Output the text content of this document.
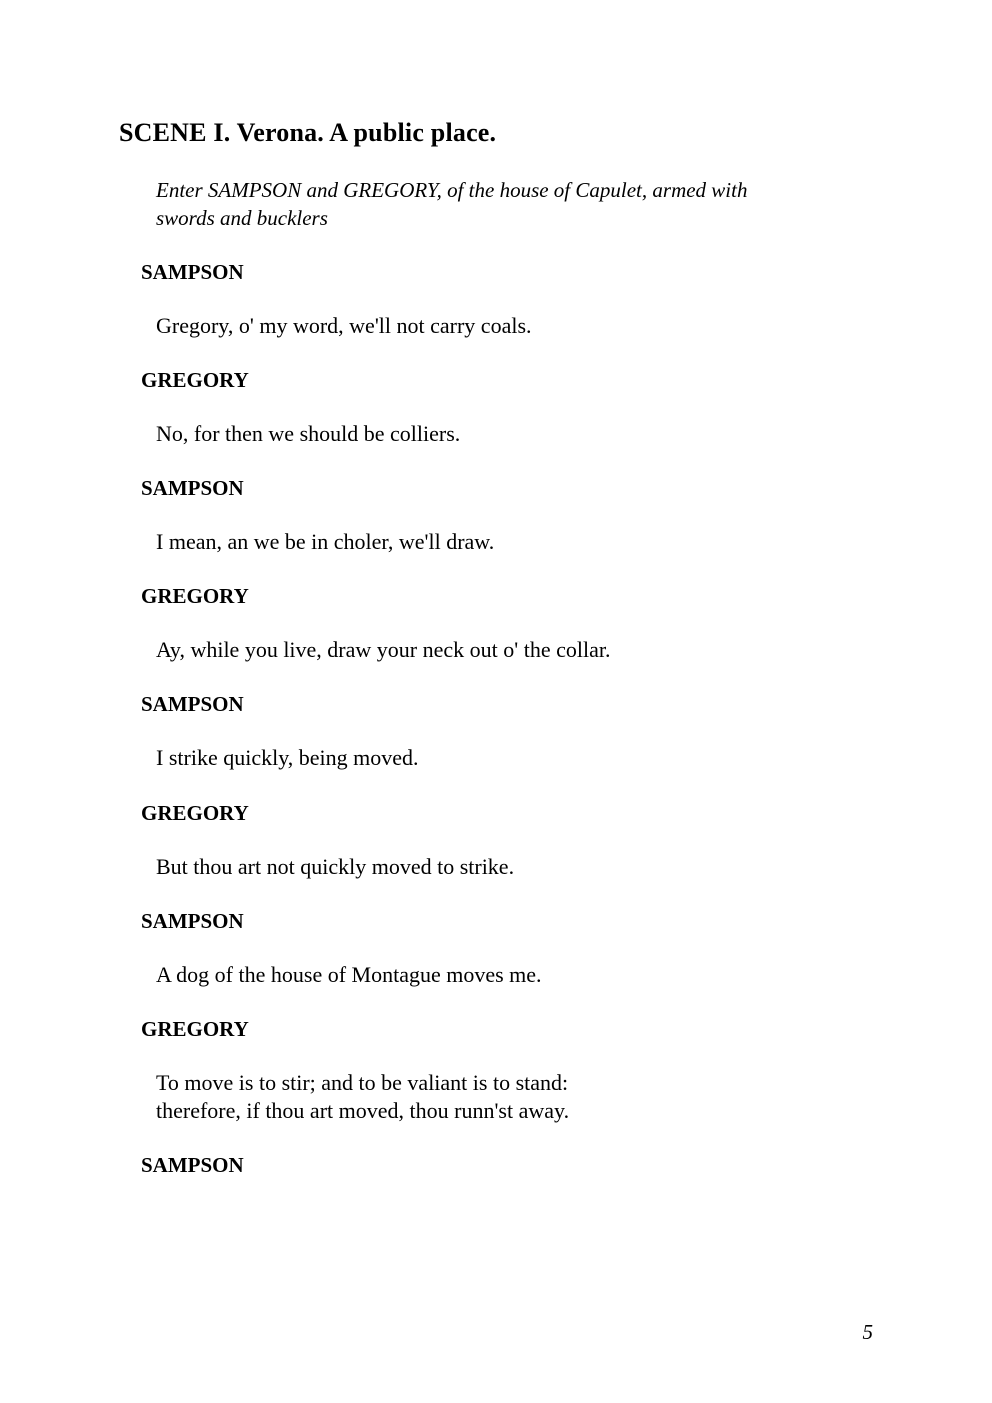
SCENE I. Verona. A public place.

Enter SAMPSON and GREGORY, of the house of Capulet, armed with
swords and bucklers

SAMPSON

Gregory, o' my word, we'll not carry coals.

GREGORY

No, for then we should be colliers.

SAMPSON

I mean, an we be in choler, we'll draw.

GREGORY

Ay, while you live, draw your neck out o' the collar.

SAMPSON

I strike quickly, being moved.

GREGORY

But thou art not quickly moved to strike.

SAMPSON

A dog of the house of Montague moves me.

GREGORY

To move is to stir; and to be valiant is to stand:
therefore, if thou art moved, thou runn'st away.

SAMPSON

5
